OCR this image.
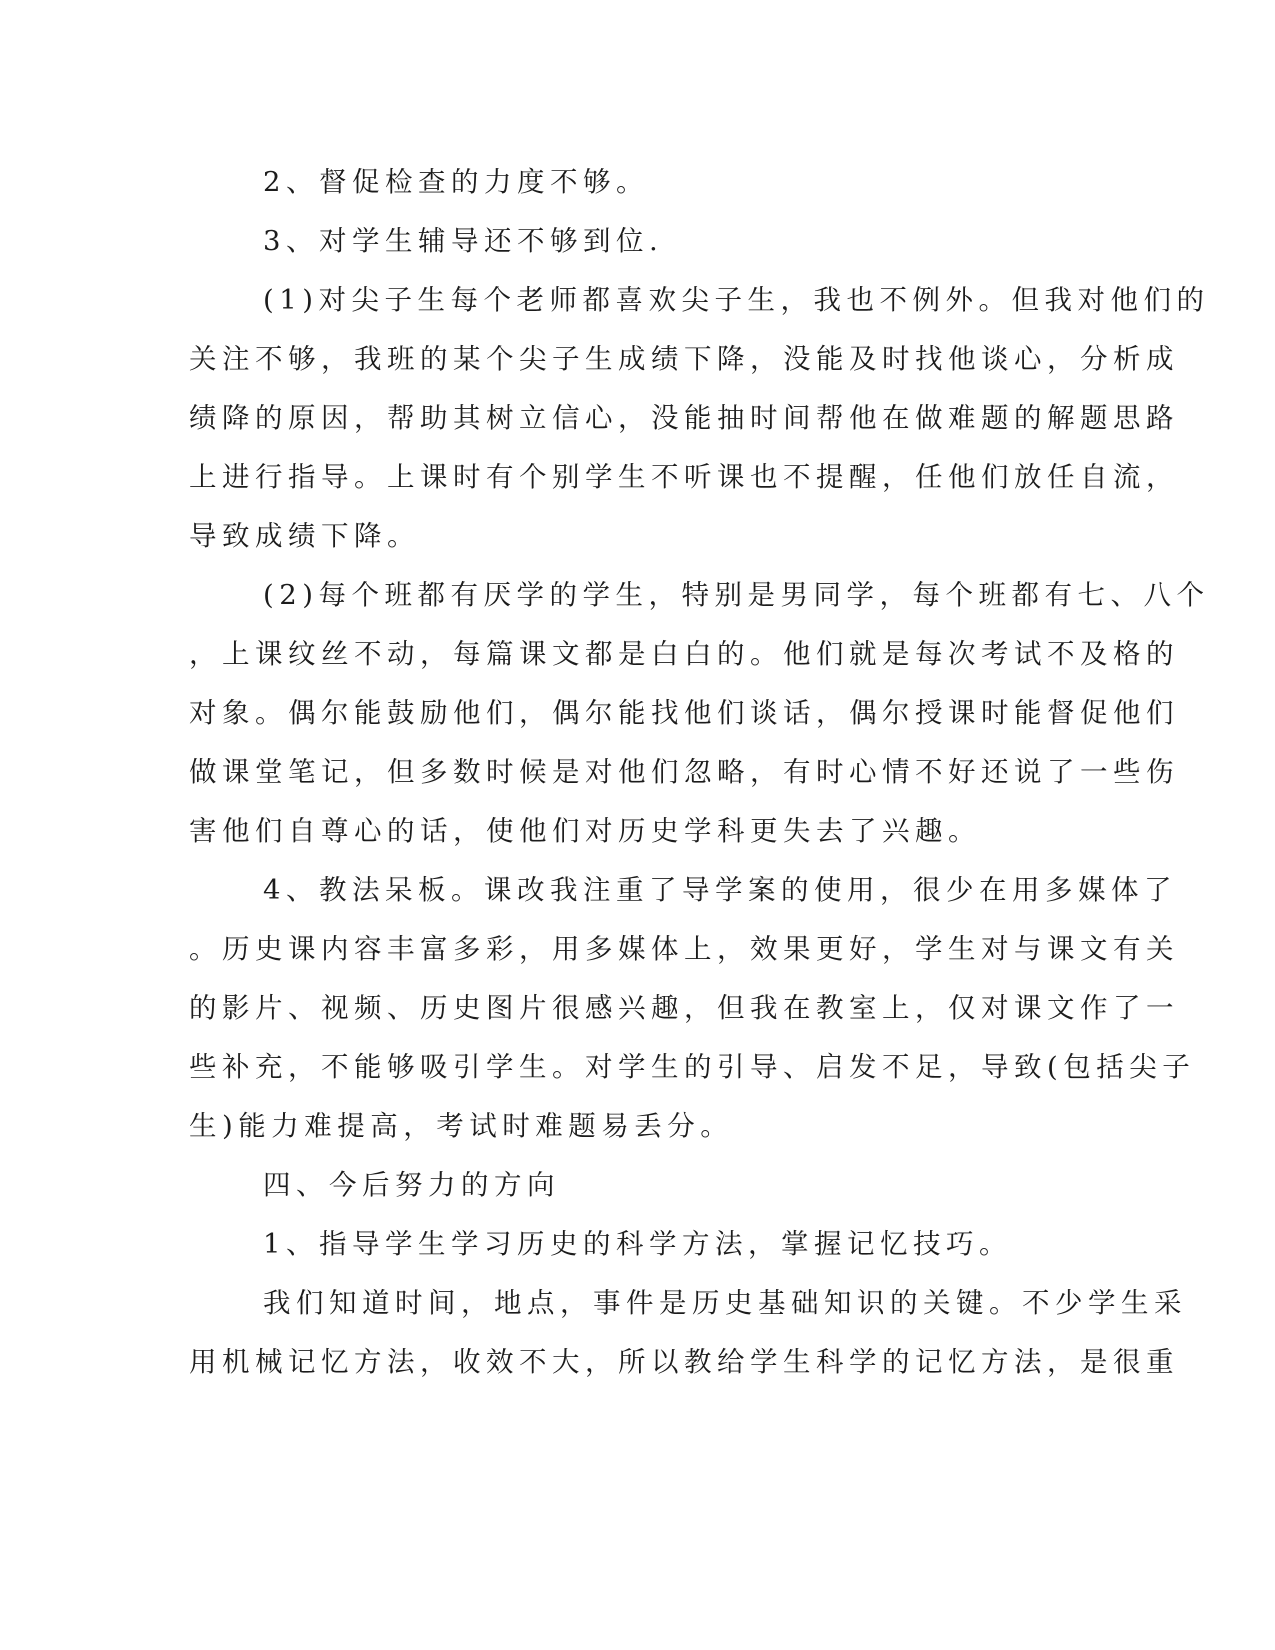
2、督促检查的力度不够。
3、对学生辅导还不够到位.
(1)对尖子生每个老师都喜欢尖子生，我也不例外。但我对他们的
关注不够，我班的某个尖子生成绩下降，没能及时找他谈心，分析成
绩降的原因，帮助其树立信心，没能抽时间帮他在做难题的解题思路
上进行指导。上课时有个别学生不听课也不提醒，任他们放任自流，
导致成绩下降。
(2)每个班都有厌学的学生，特别是男同学，每个班都有七、八个
，上课纹丝不动，每篇课文都是白白的。他们就是每次考试不及格的
对象。偶尔能鼓励他们，偶尔能找他们谈话，偶尔授课时能督促他们
做课堂笔记，但多数时候是对他们忽略，有时心情不好还说了一些伤
害他们自尊心的话，使他们对历史学科更失去了兴趣。
4、教法呆板。课改我注重了导学案的使用，很少在用多媒体了
。历史课内容丰富多彩，用多媒体上，效果更好，学生对与课文有关
的影片、视频、历史图片很感兴趣，但我在教室上，仅对课文作了一
些补充，不能够吸引学生。对学生的引导、启发不足，导致(包括尖子
生)能力难提高，考试时难题易丢分。
四、今后努力的方向
1、指导学生学习历史的科学方法，掌握记忆技巧。
我们知道时间，地点，事件是历史基础知识的关键。不少学生采
用机械记忆方法，收效不大，所以教给学生科学的记忆方法，是很重
